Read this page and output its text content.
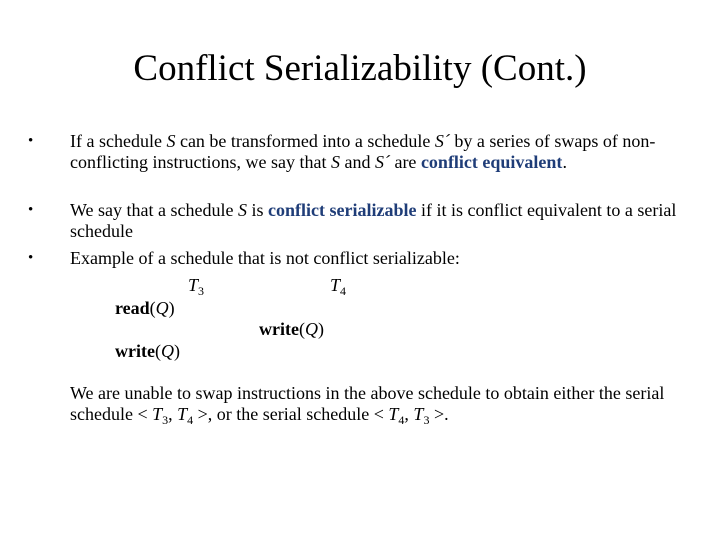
Conflict Serializability (Cont.)
• If a schedule S can be transformed into a schedule S´ by a series of swaps of non-conflicting instructions, we say that S and S´ are conflict equivalent.
• We say that a schedule S is conflict serializable if it is conflict equivalent to a serial schedule
• Example of a schedule that is not conflict serializable:
$T_3$	$T_4$
read(Q)
write(Q)
write(Q)
We are unable to swap instructions in the above schedule to obtain either the serial schedule < $T_3$, $T_4$ >, or the serial schedule < $T_4$, $T_3$ >.
